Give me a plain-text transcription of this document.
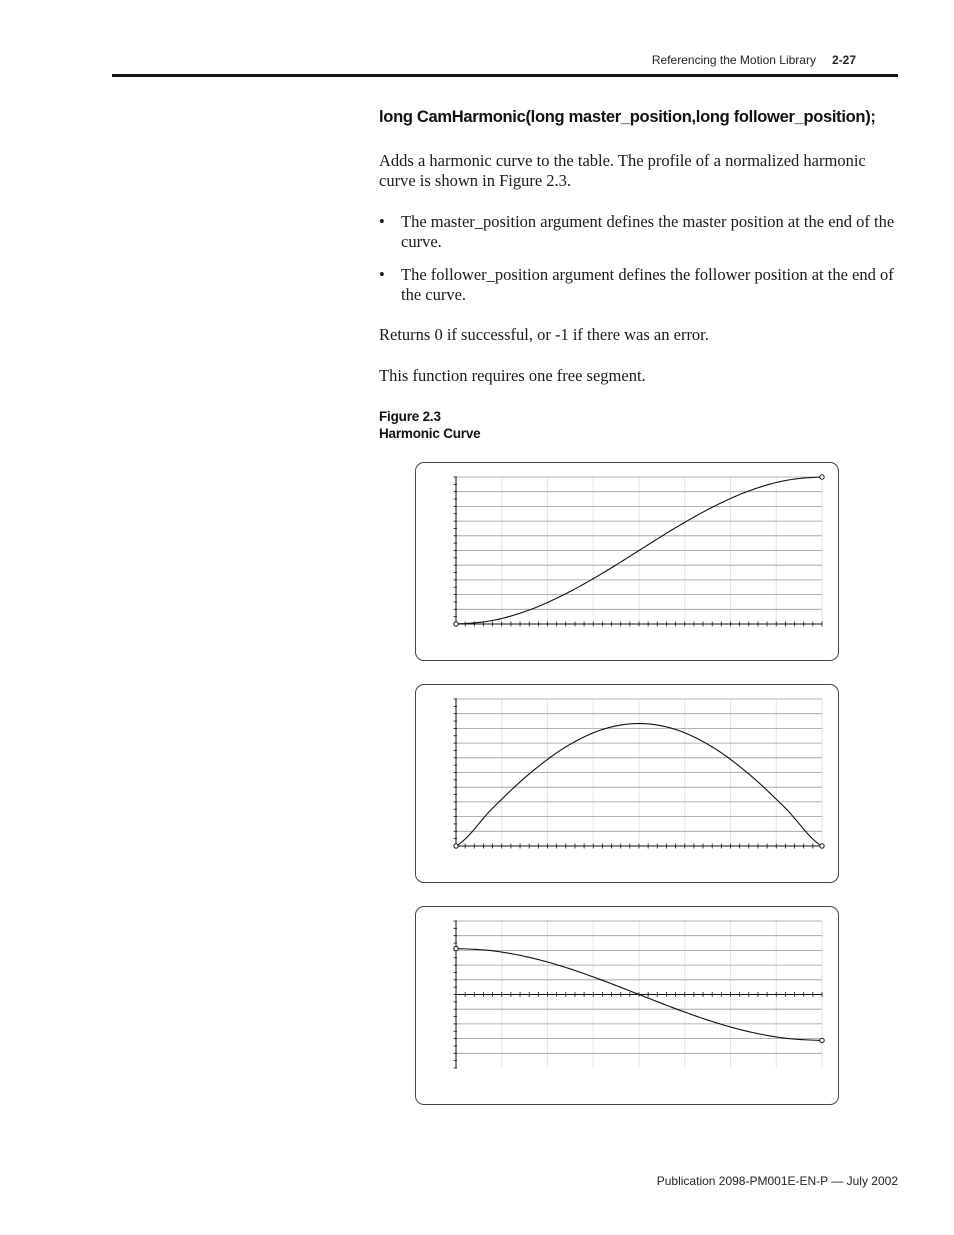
Referencing the Motion Library 2-27
long CamHarmonic(long master_position,long follower_position);
Adds a harmonic curve to the table. The profile of a normalized harmonic curve is shown in Figure 2.3.
• The master_position argument defines the master position at the end of the curve.
• The follower_position argument defines the follower position at the end of the curve.
Returns 0 if successful, or -1 if there was an error.
This function requires one free segment.
Figure 2.3
Harmonic Curve
Publication 2098-PM001E-EN-P — July 2002
